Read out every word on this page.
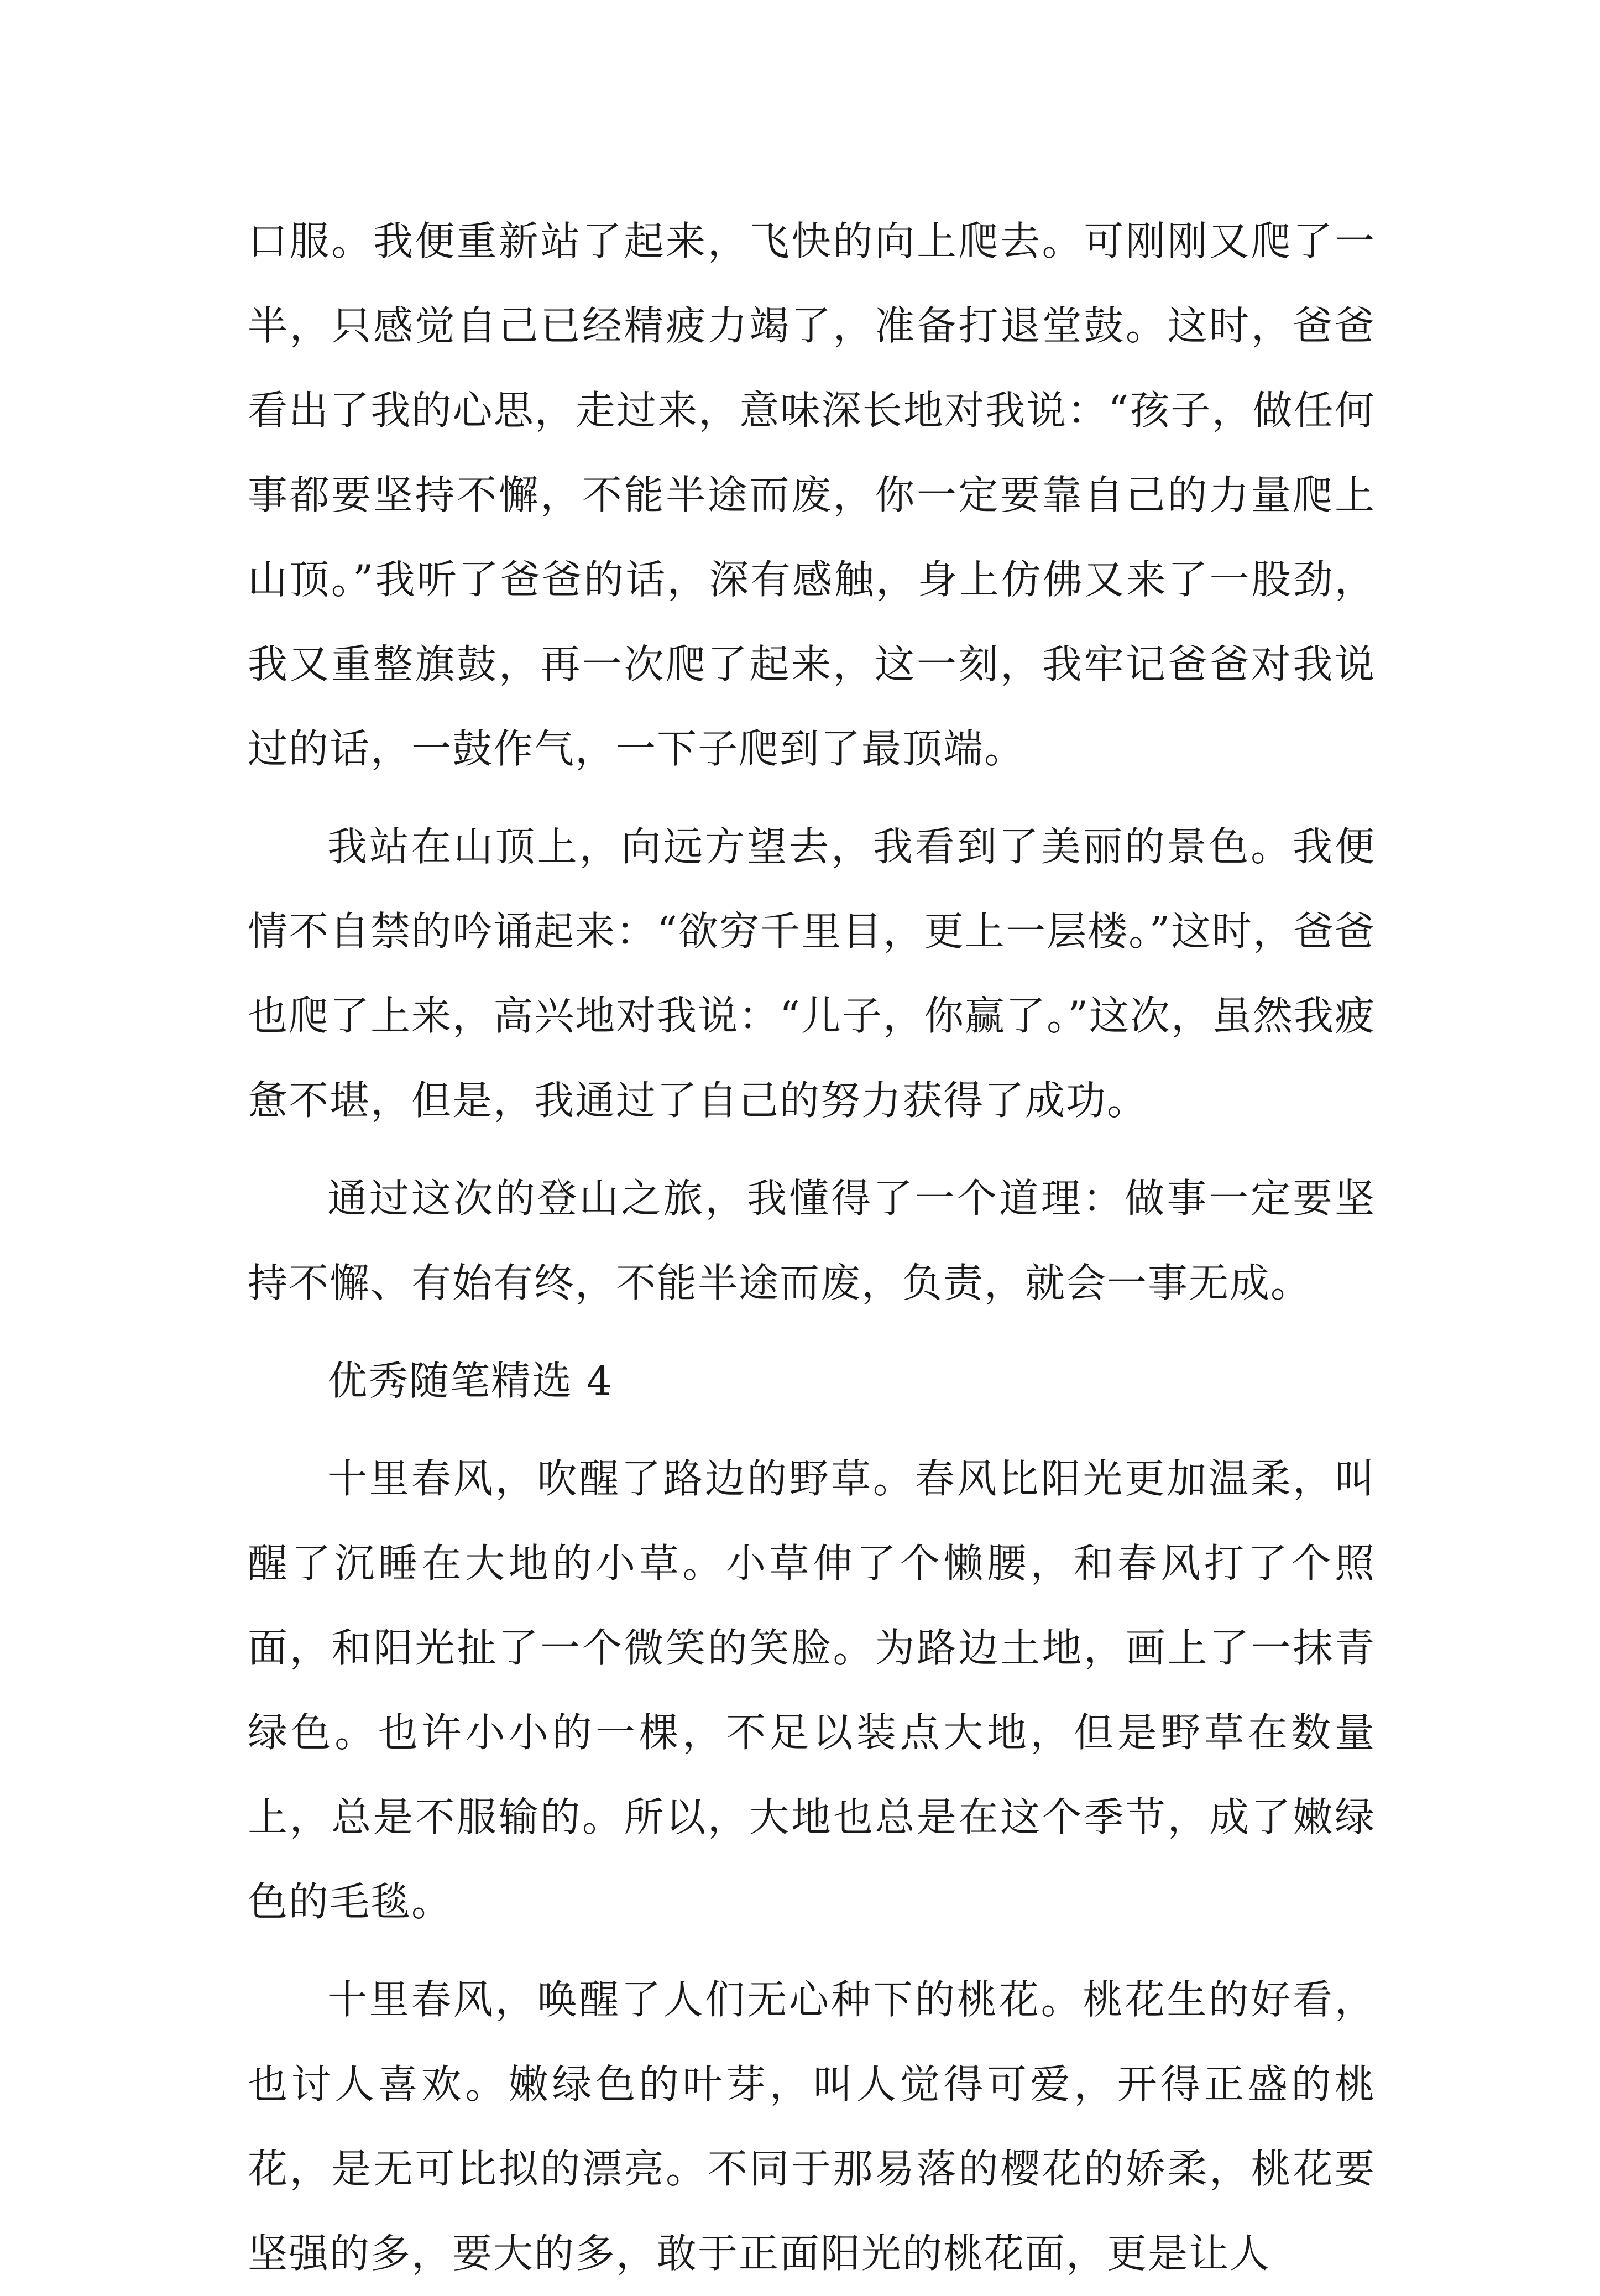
口服。我便重新站了起来，飞快的向上爬去。可刚刚又爬了一半，只感觉自己已经精疲力竭了，准备打退堂鼓。这时，爸爸看出了我的心思，走过来，意味深长地对我说：“孩子，做任何事都要坚持不懈，不能半途而废，你一定要靠自己的力量爬上山顶。”我听了爸爸的话，深有感触，身上仿佛又来了一股劲，我又重整旗鼓，再一次爬了起来，这一刻，我牢记爸爸对我说过的话，一鼓作气，一下子爬到了最顶端。

我站在山顶上，向远方望去，我看到了美丽的景色。我便情不自禁的吟诵起来：“欲穷千里目，更上一层楼。”这时，爸爸也爬了上来，高兴地对我说：“儿子，你赢了。”这次，虽然我疲惫不堪，但是，我通过了自己的努力获得了成功。

通过这次的登山之旅，我懂得了一个道理：做事一定要坚持不懈、有始有终，不能半途而废，负责，就会一事无成。

优秀随笔精选 4

十里春风，吹醒了路边的野草。春风比阳光更加温柔，叫醒了沉睡在大地的小草。小草伸了个懒腰，和春风打了个照面，和阳光扯了一个微笑的笑脸。为路边土地，画上了一抹青绿色。也许小小的一棵，不足以装点大地，但是野草在数量上，总是不服输的。所以，大地也总是在这个季节，成了嫩绿色的毛毯。

十里春风，唤醒了人们无心种下的桃花。桃花生的好看，也讨人喜欢。嫩绿色的叶芽，叫人觉得可爱，开得正盛的桃花，是无可比拟的漂亮。不同于那易落的樱花的娇柔，桃花要坚强的多，要大的多，敢于正面阳光的桃花面，更是让人
